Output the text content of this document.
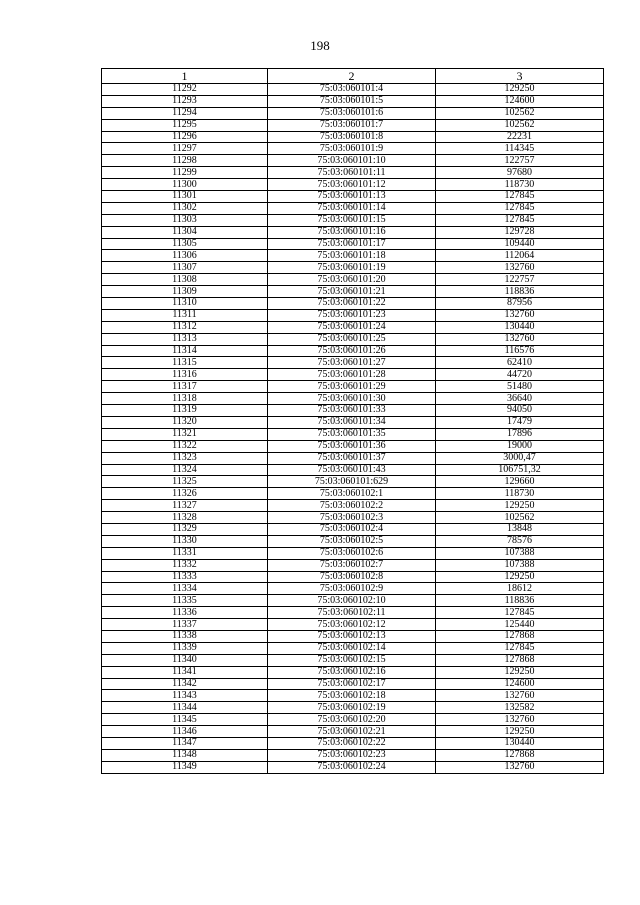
198
1	2	3
11292	75:03:060101:4	129250
11293	75:03:060101:5	124600
11294	75:03:060101:6	102562
11295	75:03:060101:7	102562
11296	75:03:060101:8	22231
11297	75:03:060101:9	114345
11298	75:03:060101:10	122757
11299	75:03:060101:11	97680
11300	75:03:060101:12	118730
11301	75:03:060101:13	127845
11302	75:03:060101:14	127845
11303	75:03:060101:15	127845
11304	75:03:060101:16	129728
11305	75:03:060101:17	109440
11306	75:03:060101:18	112064
11307	75:03:060101:19	132760
11308	75:03:060101:20	122757
11309	75:03:060101:21	118836
11310	75:03:060101:22	87956
11311	75:03:060101:23	132760
11312	75:03:060101:24	130440
11313	75:03:060101:25	132760
11314	75:03:060101:26	116576
11315	75:03:060101:27	62410
11316	75:03:060101:28	44720
11317	75:03:060101:29	51480
11318	75:03:060101:30	36640
11319	75:03:060101:33	94050
11320	75:03:060101:34	17479
11321	75:03:060101:35	17896
11322	75:03:060101:36	19000
11323	75:03:060101:37	3000,47
11324	75:03:060101:43	106751,32
11325	75:03:060101:629	129660
11326	75:03:060102:1	118730
11327	75:03:060102:2	129250
11328	75:03:060102:3	102562
11329	75:03:060102:4	13848
11330	75:03:060102:5	78576
11331	75:03:060102:6	107388
11332	75:03:060102:7	107388
11333	75:03:060102:8	129250
11334	75:03:060102:9	18612
11335	75:03:060102:10	118836
11336	75:03:060102:11	127845
11337	75:03:060102:12	125440
11338	75:03:060102:13	127868
11339	75:03:060102:14	127845
11340	75:03:060102:15	127868
11341	75:03:060102:16	129250
11342	75:03:060102:17	124600
11343	75:03:060102:18	132760
11344	75:03:060102:19	132582
11345	75:03:060102:20	132760
11346	75:03:060102:21	129250
11347	75:03:060102:22	130440
11348	75:03:060102:23	127868
11349	75:03:060102:24	132760
